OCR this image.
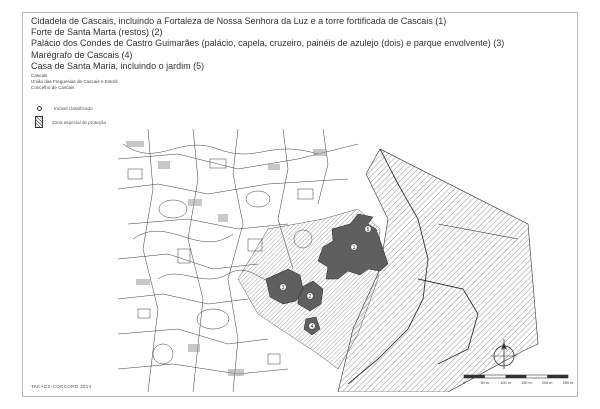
Cidadela de Cascais, incluindo a Fortaleza de Nossa Senhora da Luz e a torre fortificada de Cascais (1)
Forte de Santa Marta (restos) (2)
Palácio dos Condes de Castro Guimarães (palácio, capela, cruzeiro, painéis de azulejo (dois) e parque envolvente) (3)
Marégrafo de Cascais (4)
Casa de Santa Maria, incluindo o jardim (5)
Cascais
União das Freguesias de Cascais e Estoril
Concelho de Cascais
Imóvel classificado
Zona especial de proteção
1
2
3
4
5
N
0	50 m	100 m	150 m	200 m	250 m
TAKACS-CONCORD 2014
